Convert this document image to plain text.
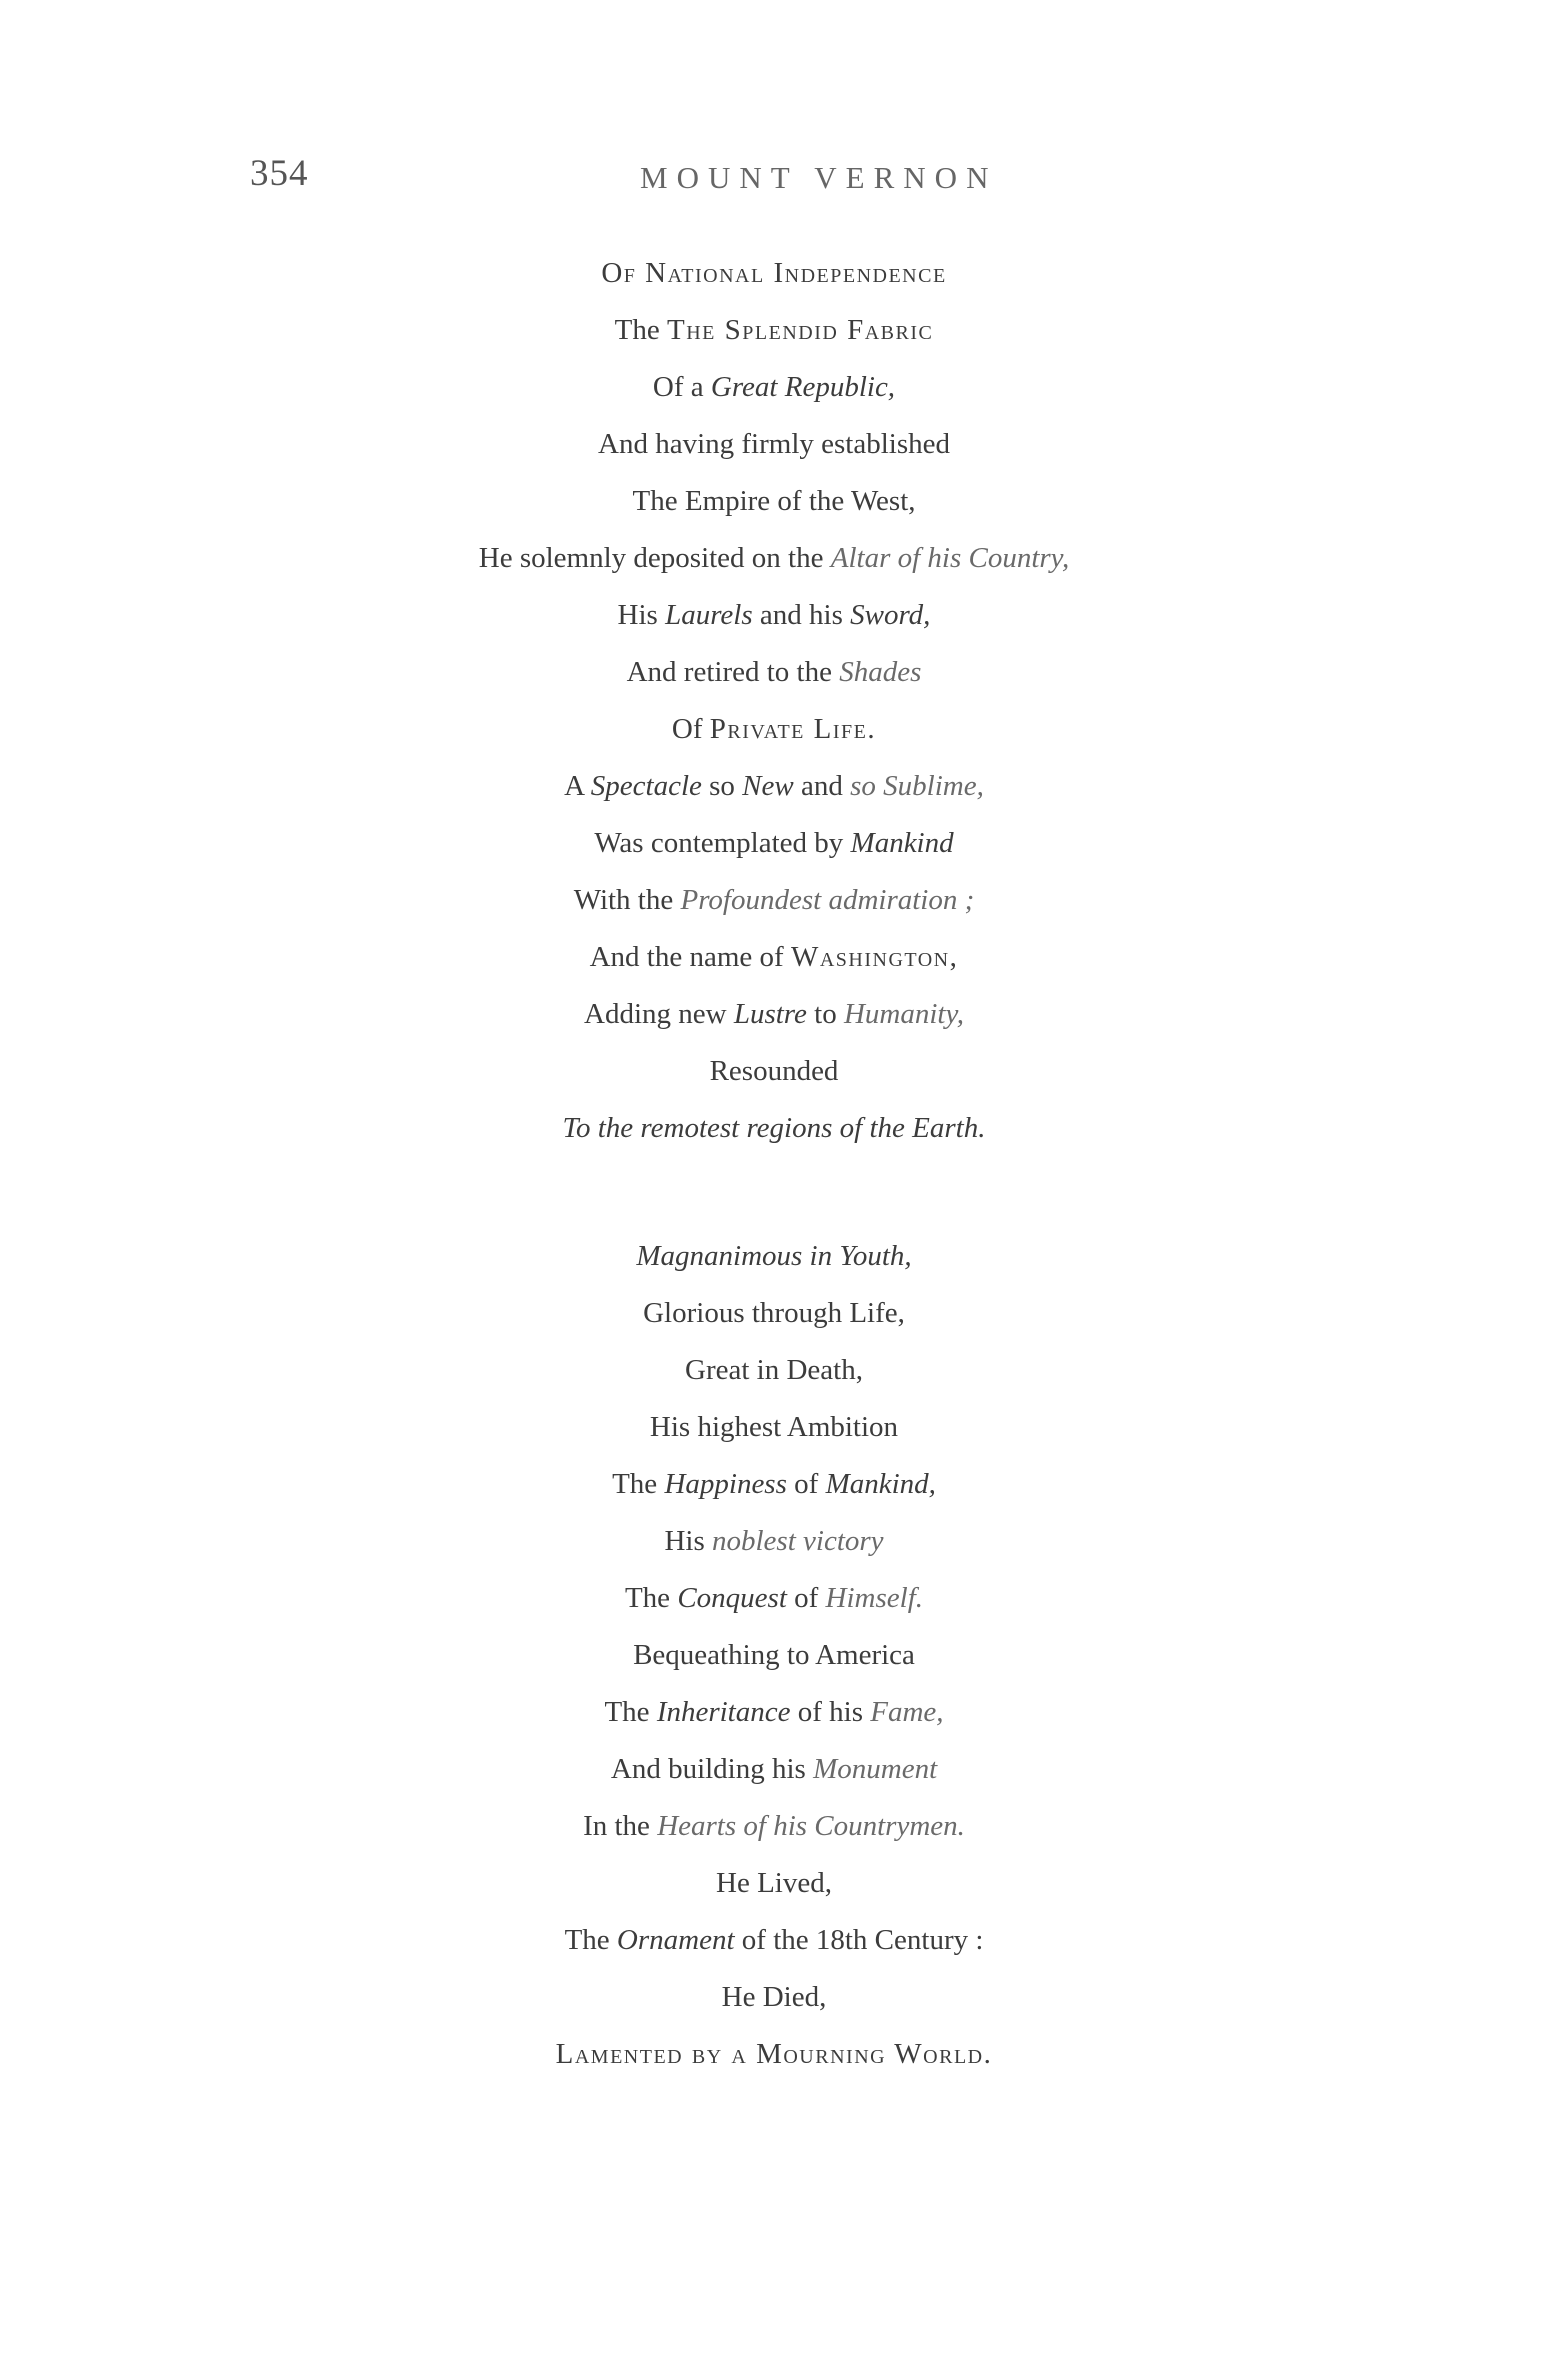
354	MOUNT VERNON
Of National Independence
The The Splendid Fabric
Of a Great Republic,
And having firmly established
The Empire of the West,
He solemnly deposited on the Altar of his Country,
His Laurels and his Sword,
And retired to the Shades
Of Private Life.
A Spectacle so New and so Sublime,
Was contemplated by Mankind
With the Profoundest admiration ;
And the name of Washington,
Adding new Lustre to Humanity,
Resounded
To the remotest regions of the Earth.
Magnanimous in Youth,
Glorious through Life,
Great in Death,
His highest Ambition
The Happiness of Mankind,
His noblest victory
The Conquest of Himself.
Bequeathing to America
The Inheritance of his Fame,
And building his Monument
In the Hearts of his Countrymen.
He Lived,
The Ornament of the 18th Century :
He Died,
Lamented by a Mourning World.
